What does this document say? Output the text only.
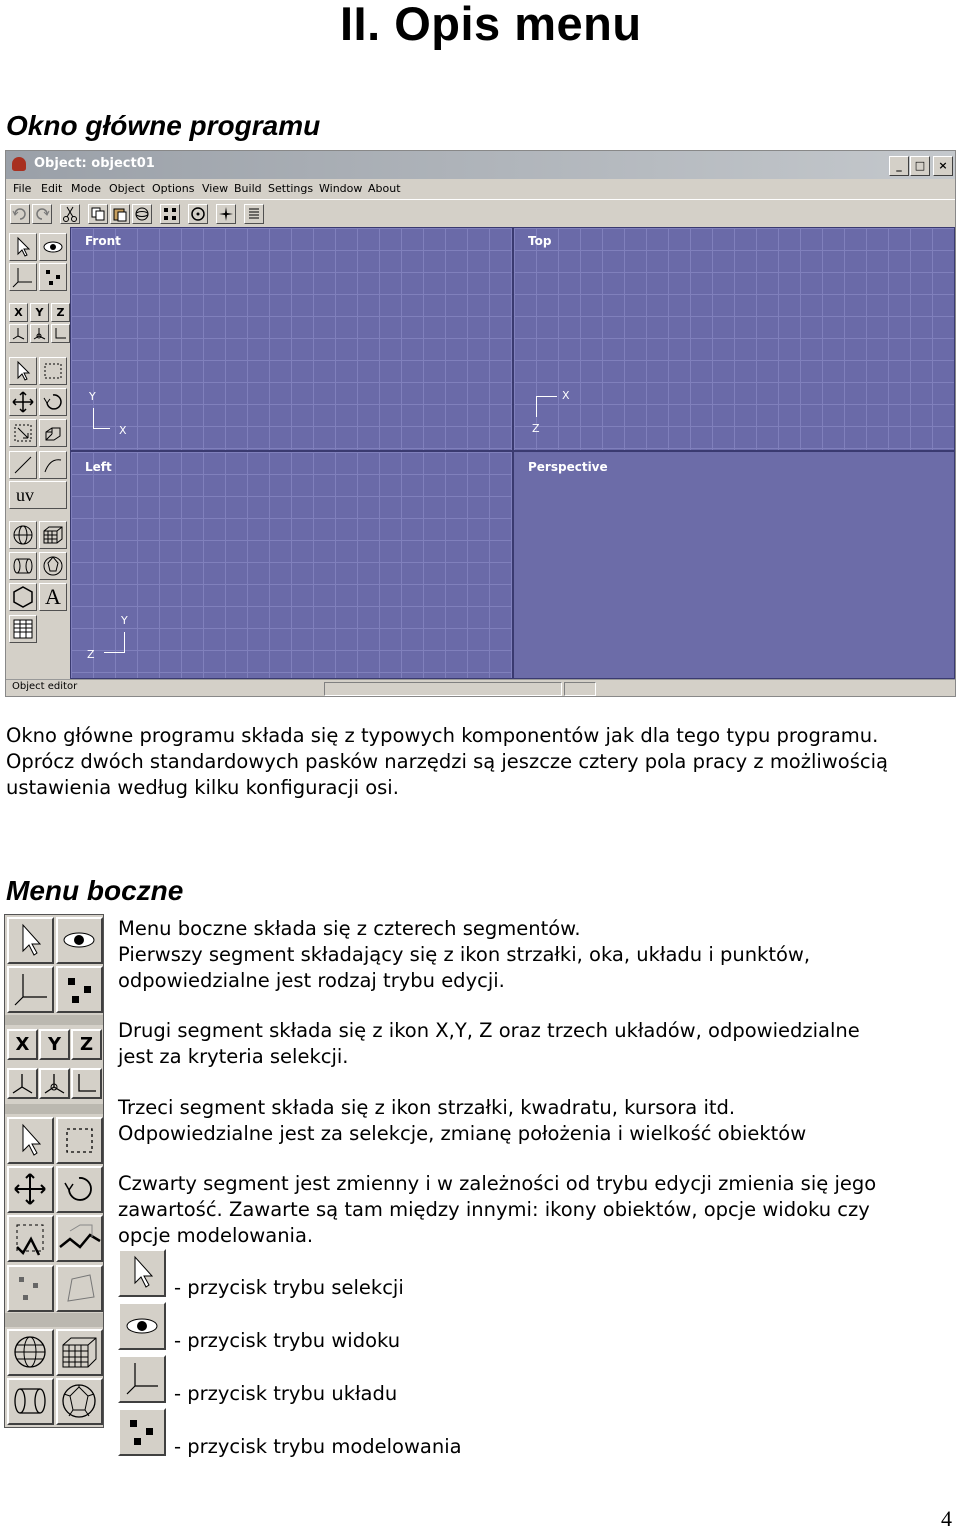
II. Opis menu
Okno główne programu
Object: object01	_	□	×
File Edit Mode Object Options View Build Settings Window About
X	Y	Z
uv
A
Front
Y
X
Top
X
Z
Left
Y
Z
Perspective
Object editor
Okno główne programu składa się z typowych komponentów jak dla tego typu programu.
Oprócz dwóch standardowych pasków narzędzi są jeszcze cztery pola pracy z możliwością
ustawienia według kilku konfiguracji osi.
Menu boczne
X	Y	Z
Menu boczne składa się z czterech segmentów.
Pierwszy segment składający się z ikon strzałki, oka, układu i punktów,
odpowiedzialne jest rodzaj trybu edycji.
Drugi segment składa się z ikon X,Y, Z oraz trzech układów, odpowiedzialne
jest za kryteria selekcji.
Trzeci segment składa się z ikon strzałki, kwadratu, kursora itd.
Odpowiedzialne jest za selekcje, zmianę położenia i wielkość obiektów
Czwarty segment jest zmienny i w zależności od trybu edycji zmienia się jego
zawartość. Zawarte są tam między innymi: ikony obiektów, opcje widoku czy
opcje modelowania.
- przycisk trybu selekcji
- przycisk trybu widoku
- przycisk trybu układu
- przycisk trybu modelowania
4
